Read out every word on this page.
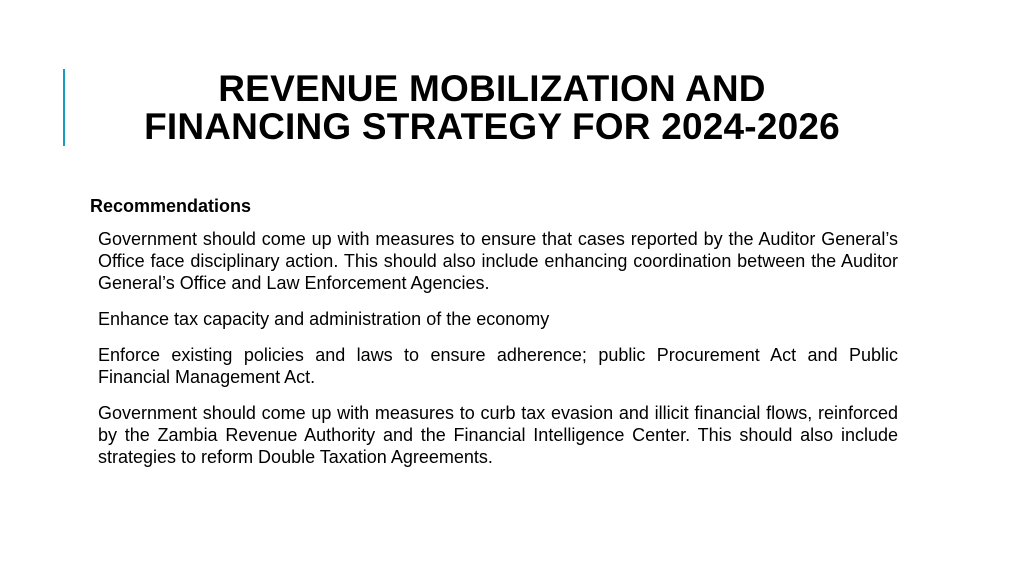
REVENUE MOBILIZATION AND
FINANCING STRATEGY FOR 2024-2026

Recommendations

Government should come up with measures to ensure that cases reported by the Auditor General’s Office face disciplinary action. This should also include enhancing coordination between the Auditor General’s Office and Law Enforcement Agencies.
Enhance tax capacity and administration of the economy
Enforce existing policies and laws to ensure adherence; public Procurement Act and Public Financial Management Act.
Government should come up with measures to curb tax evasion and illicit financial flows, reinforced by the Zambia Revenue Authority and the Financial Intelligence Center. This should also include strategies to reform Double Taxation Agreements.
